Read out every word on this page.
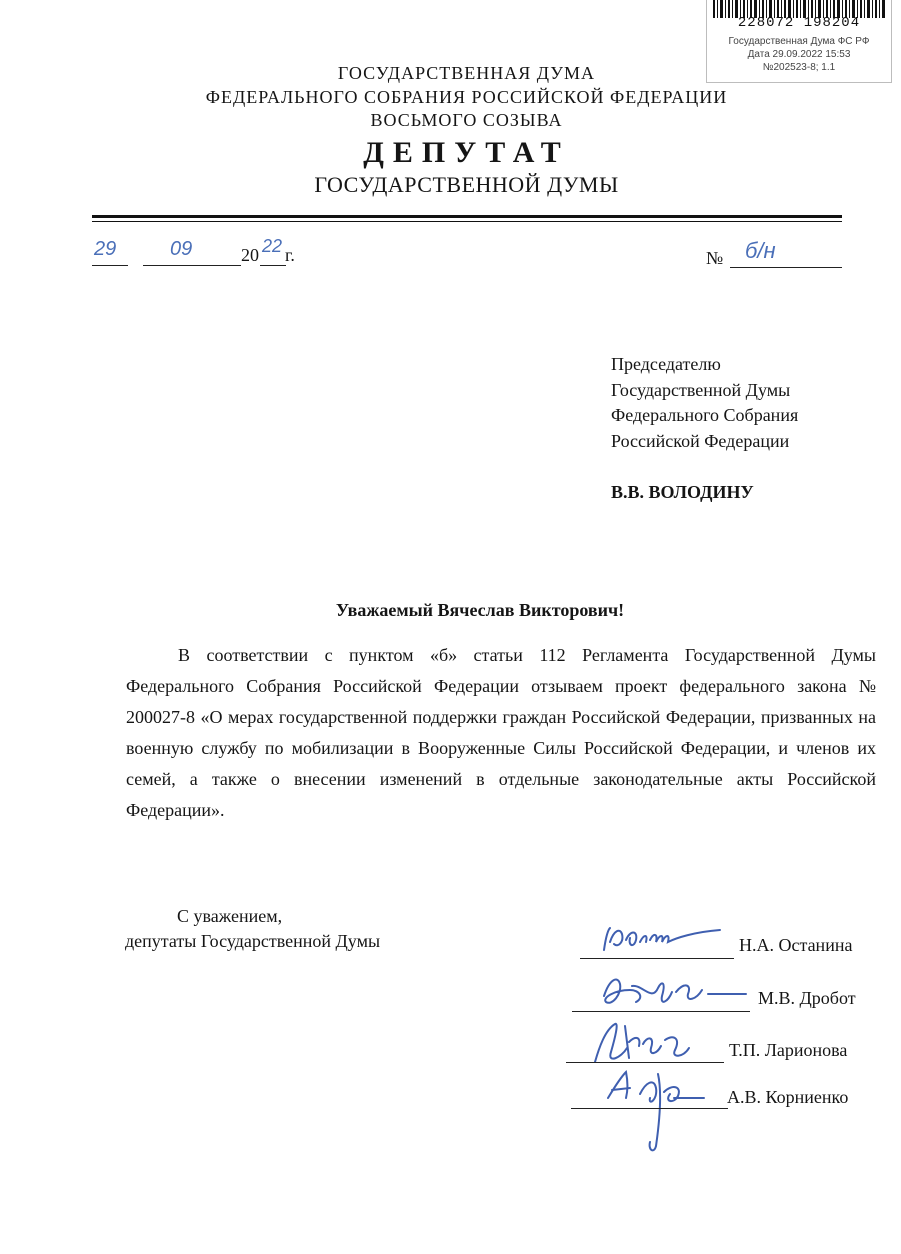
228072 198204
Государственная Дума ФС РФ
Дата 29.09.2022 15:53
№202523-8; 1.1
ГОСУДАРСТВЕННАЯ ДУМА
ФЕДЕРАЛЬНОГО СОБРАНИЯ РОССИЙСКОЙ ФЕДЕРАЦИИ
ВОСЬМОГО СОЗЫВА
ДЕПУТАТ
ГОСУДАРСТВЕННОЙ ДУМЫ
29	09	20 22 г.	№ б/н
Председателю
Государственной Думы
Федерального Собрания
Российской Федерации
В.В. ВОЛОДИНУ
Уважаемый Вячеслав Викторович!
В соответствии с пунктом «б» статьи 112 Регламента Государственной Думы Федерального Собрания Российской Федерации отзываем проект федерального закона № 200027-8 «О мерах государственной поддержки граждан Российской Федерации, призванных на военную службу по мобилизации в Вооруженные Силы Российской Федерации, и членов их семей, а также о внесении изменений в отдельные законодательные акты Российской Федерации».
С уважением,
депутаты Государственной Думы	Н.А. Останина
М.В. Дробот
Т.П. Ларионова
А.В. Корниенко
